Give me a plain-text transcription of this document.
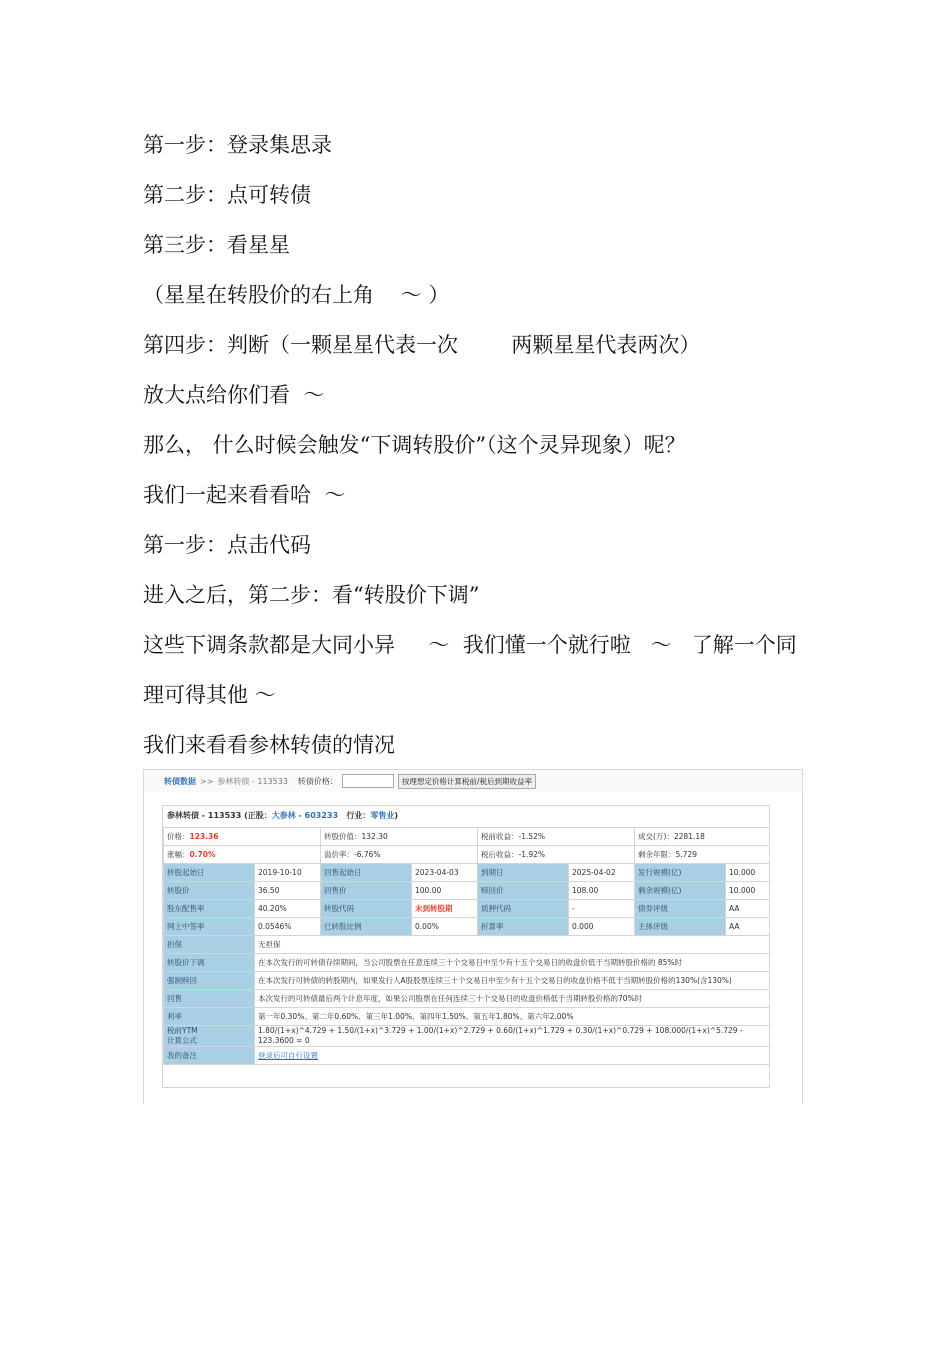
第一步：登录集思录

第二步：点可转债

第三步：看星星

（星星在转股价的右上角    ～ ）

第四步：判断（一颗星星代表一次        两颗星星代表两次）

放大点给你们看  ～

那么， 什么时候会触发“下调转股价”（这个灵异现象）呢？

我们一起来看看哈  ～

第一步：点击代码

进入之后，第二步：看“转股价下调”

这些下调条款都是大同小异     ～  我们懂一个就行啦   ～   了解一个同

理可得其他 ～

我们来看看参林转债的情况

转债数据 >> 参林转债 - 113533 转债价格：	按理想定价格计算税前/税后到期收益率
参林转债 - 113533 (正股：大参林 - 603233 行业：零售业)
价格：123.36		转股价值：132.30		税前收益：-1.52%		成交(万)：2281.18	
涨幅：0.70%		溢价率：-6.76%		税后收益：-1.92%		剩余年限：5.729	
转股起始日	2019-10-10	回售起始日	2023-04-03	到期日	2025-04-02	发行规模(亿)	10.000
转股价	36.50	回售价	100.00	赎回价	108.00	剩余规模(亿)	10.000
股东配售率	40.20%	转股代码	未到转股期	质押代码	-	债券评级	AA
网上中签率	0.0546%	已转股比例	0.00%	折算率	0.000	主体评级	AA
担保	无担保						
转股价下调	在本次发行的可转债存续期间，当公司股票在任意连续三十个交易日中至少有十五个交易日的收盘价低于当期转股价格的 85%时						
强制赎回	在本次发行可转债的转股期内，如果发行人A股股票连续三十个交易日中至少有十五个交易日的收盘价格不低于当期转股价格的130%(含130%)						
回售	本次发行的可转债最后两个计息年度，如果公司股票在任何连续三十个交易日的收盘价格低于当期转股价格的70%时						
利率	第一年0.30%、第二年0.60%、第三年1.00%、第四年1.50%、第五年1.80%、第六年2.00%						
税前YTM
计算公式	1.80/(1+x)^4.729 + 1.50/(1+x)^3.729 + 1.00/(1+x)^2.729 + 0.60/(1+x)^1.729 + 0.30/(1+x)^0.729 + 108.000/(1+x)^5.729 - 123.3600 = 0						
我的备注	登录后可自行设置						
